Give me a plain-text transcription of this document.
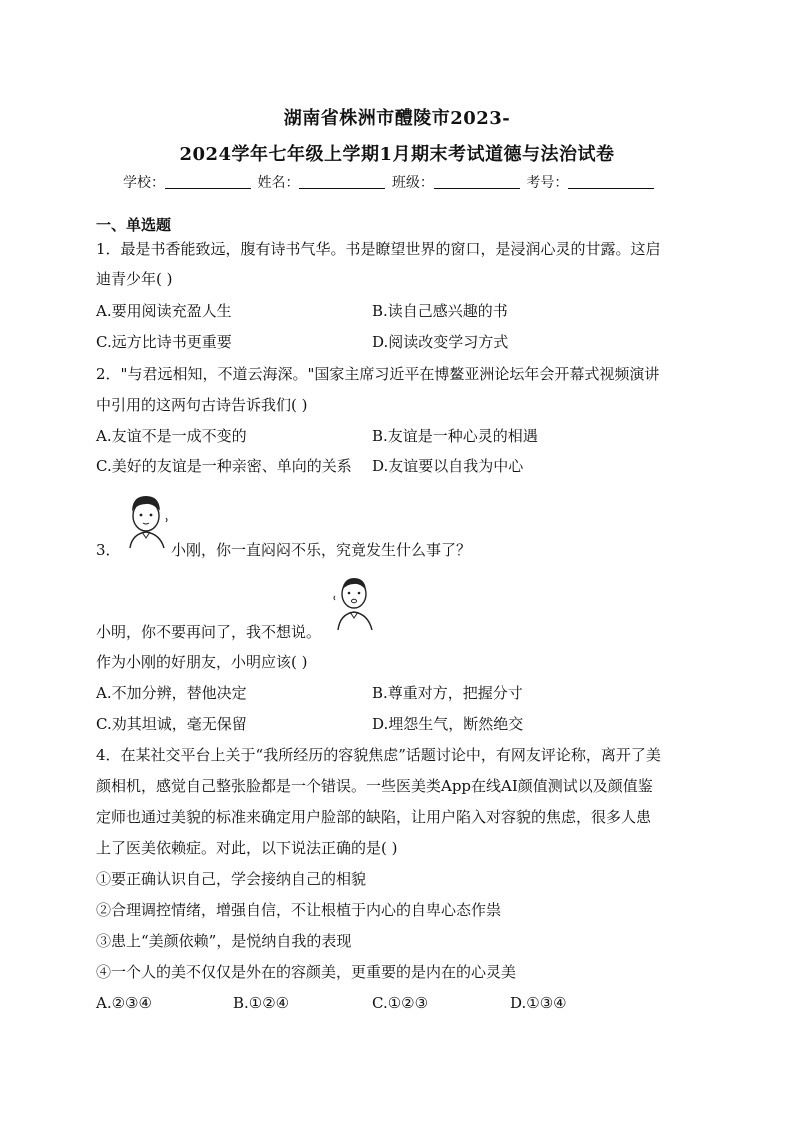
湖南省株洲市醴陵市2023-
2024学年七年级上学期1月期末考试道德与法治试卷
学校：	姓名：	班级：	考号：
一、单选题
1．最是书香能致远，腹有诗书气华。书是瞭望世界的窗口，是浸润心灵的甘露。这启
迪青少年( )
A.要用阅读充盈人生	B.读自己感兴趣的书
C.远方比诗书更重要	D.阅读改变学习方式
2．"与君远相知，不道云海深。"国家主席习近平在博鳌亚洲论坛年会开幕式视频演讲
中引用的这两句古诗告诉我们( )
A.友谊不是一成不变的	B.友谊是一种心灵的相遇
C.美好的友谊是一种亲密、单向的关系 D.友谊要以自我为中心
3．	小刚，你一直闷闷不乐，究竟发生什么事了？
小明，你不要再问了，我不想说。
作为小刚的好朋友，小明应该( )
A.不加分辨，替他决定	B.尊重对方，把握分寸
C.劝其坦诚，毫无保留	D.埋怨生气，断然绝交
4．在某社交平台上关于“我所经历的容貌焦虑”话题讨论中，有网友评论称，离开了美
颜相机，感觉自己整张脸都是一个错误。一些医美类App在线AI颜值测试以及颜值鉴
定师也通过美貌的标准来确定用户脸部的缺陷，让用户陷入对容貌的焦虑，很多人患
上了医美依赖症。对此，以下说法正确的是( )
①要正确认识自己，学会接纳自己的相貌
②合理调控情绪，增强自信，不让根植于内心的自卑心态作祟
③患上“美颜依赖”，是悦纳自我的表现
④一个人的美不仅仅是外在的容颜美，更重要的是内在的心灵美
A.②③④	B.①②④	C.①②③	D.①③④
